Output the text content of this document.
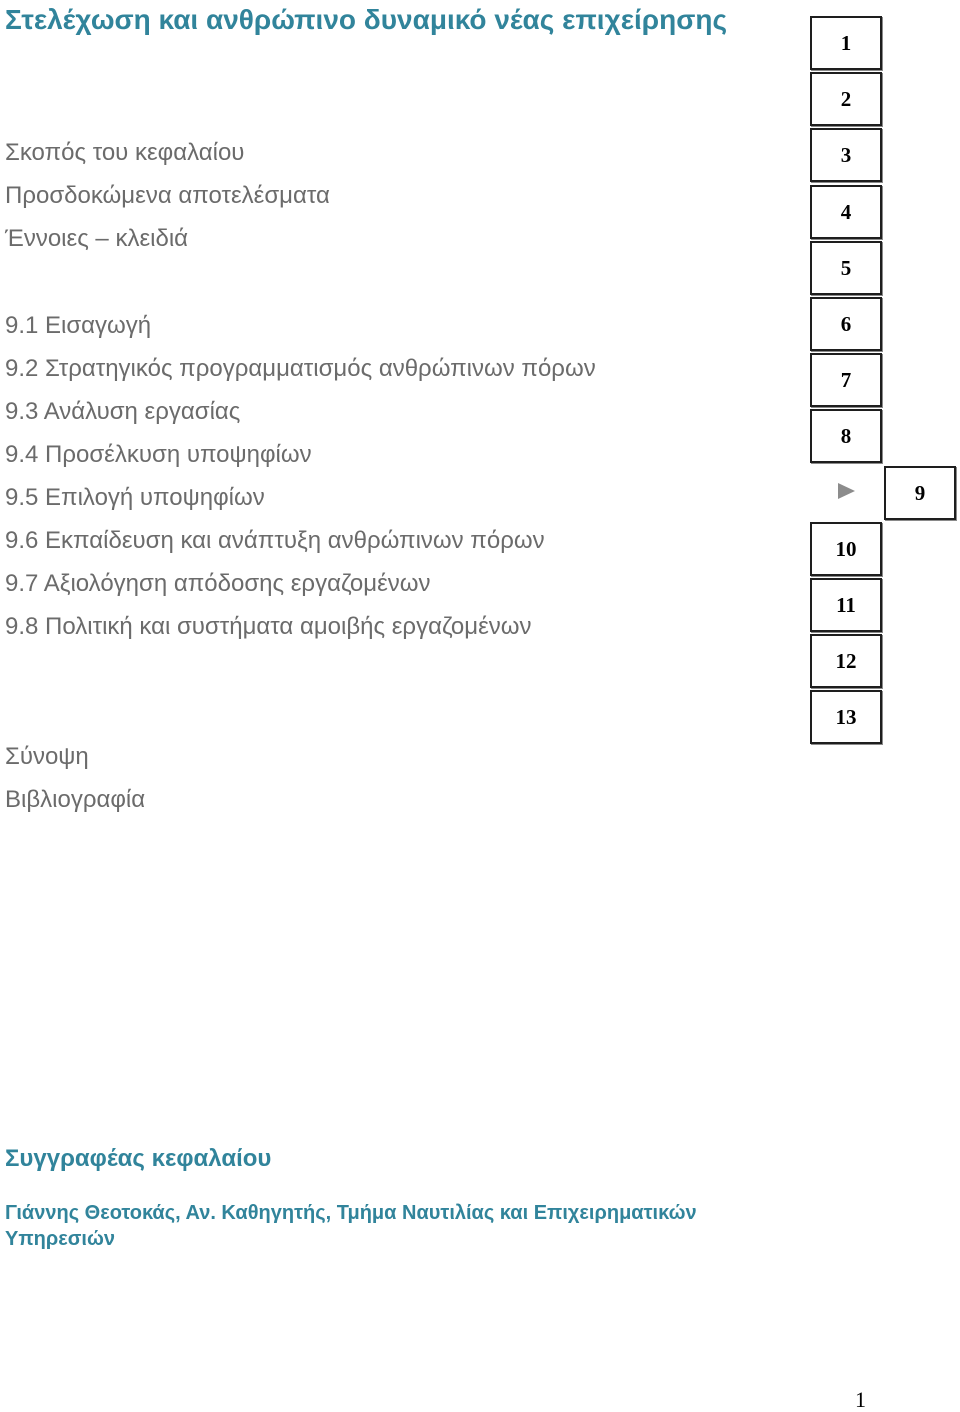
Στελέχωση και ανθρώπινο δυναμικό νέας επιχείρησης
Σκοπός του κεφαλαίου
Προσδοκώμενα αποτελέσματα
Έννοιες – κλειδιά
9.1 Εισαγωγή
9.2 Στρατηγικός προγραμματισμός ανθρώπινων πόρων
9.3 Ανάλυση εργασίας
9.4 Προσέλκυση υποψηφίων
9.5 Επιλογή υποψηφίων
9.6 Εκπαίδευση και ανάπτυξη ανθρώπινων πόρων
9.7 Αξιολόγηση απόδοσης εργαζομένων
9.8 Πολιτική και συστήματα αμοιβής εργαζομένων
Σύνοψη
Βιβλιογραφία
1
2
3
4
5
6
7
8
9
10
11
12
13
Συγγραφέας κεφαλαίου

Γιάννης Θεοτοκάς, Αν. Καθηγητής, Τμήμα Ναυτιλίας και Επιχειρηματικών
Υπηρεσιών

1
